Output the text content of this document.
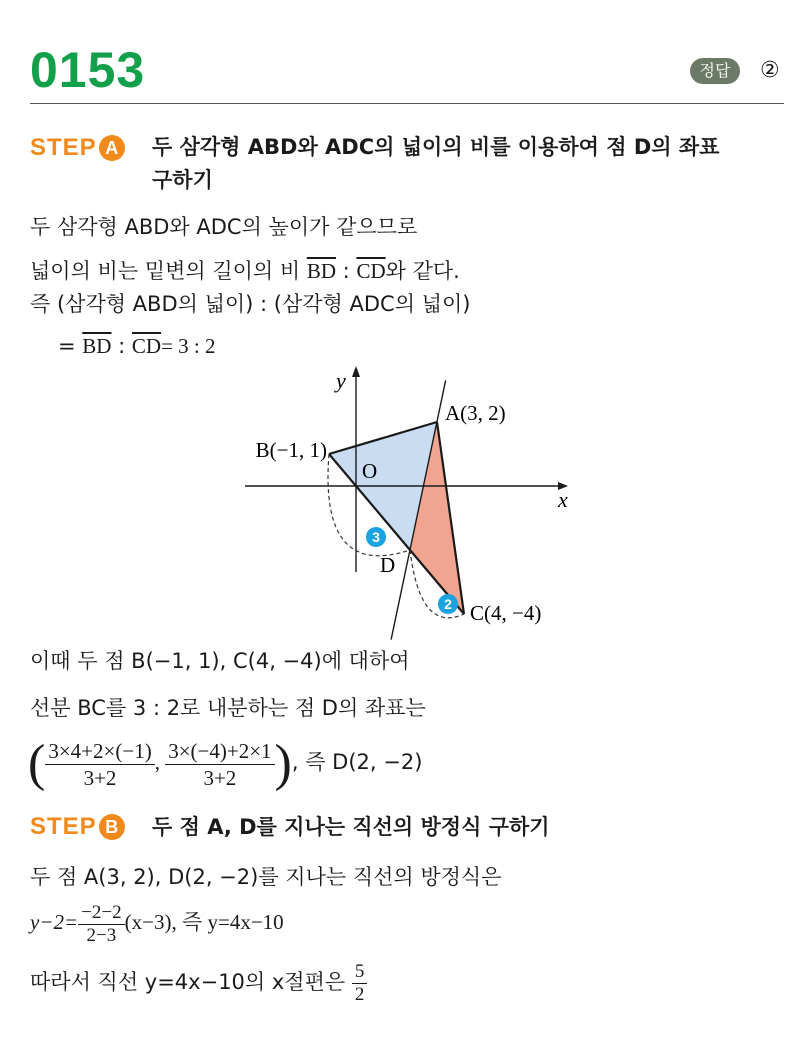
0153	정답	②
STEP A	두 삼각형 ABD와 ADC의 넓이의 비를 이용하여 점 D의 좌표
구하기
두 삼각형 ABD와 ADC의 높이가 같으므로
넓이의 비는 밑변의 길이의 비 $\overline{BD}$ : $\overline{CD}$와 같다.
즉 (삼각형 ABD의 넓이) : (삼각형 ADC의 넓이)
= $\overline{BD}$ : $\overline{CD}= 3$ : 2
3
2
y
x
O
A(3, 2)
B(−1, 1)
C(4, −4)
D
이때 두 점 B(−1, 1), C(4, −4)에 대하여
선분 BC를 3 : 2로 내분하는 점 D의 좌표는
( $\frac{3\times 4+2\times(-1)}{3+2}$ , $\frac{3\times(-4)+2\times 1}{3+2}$ ), 즉 D(2, −2)
STEP B	두 점 A, D를 지나는 직선의 방정식 구하기
두 점 A(3, 2), D(2, −2)를 지나는 직선의 방정식은
$y-2= \frac{-2-2}{2-3} (x-3)$, 즉 y=4x−10
따라서 직선 y=4x−10의 x절편은 $\frac{5}{2}$
